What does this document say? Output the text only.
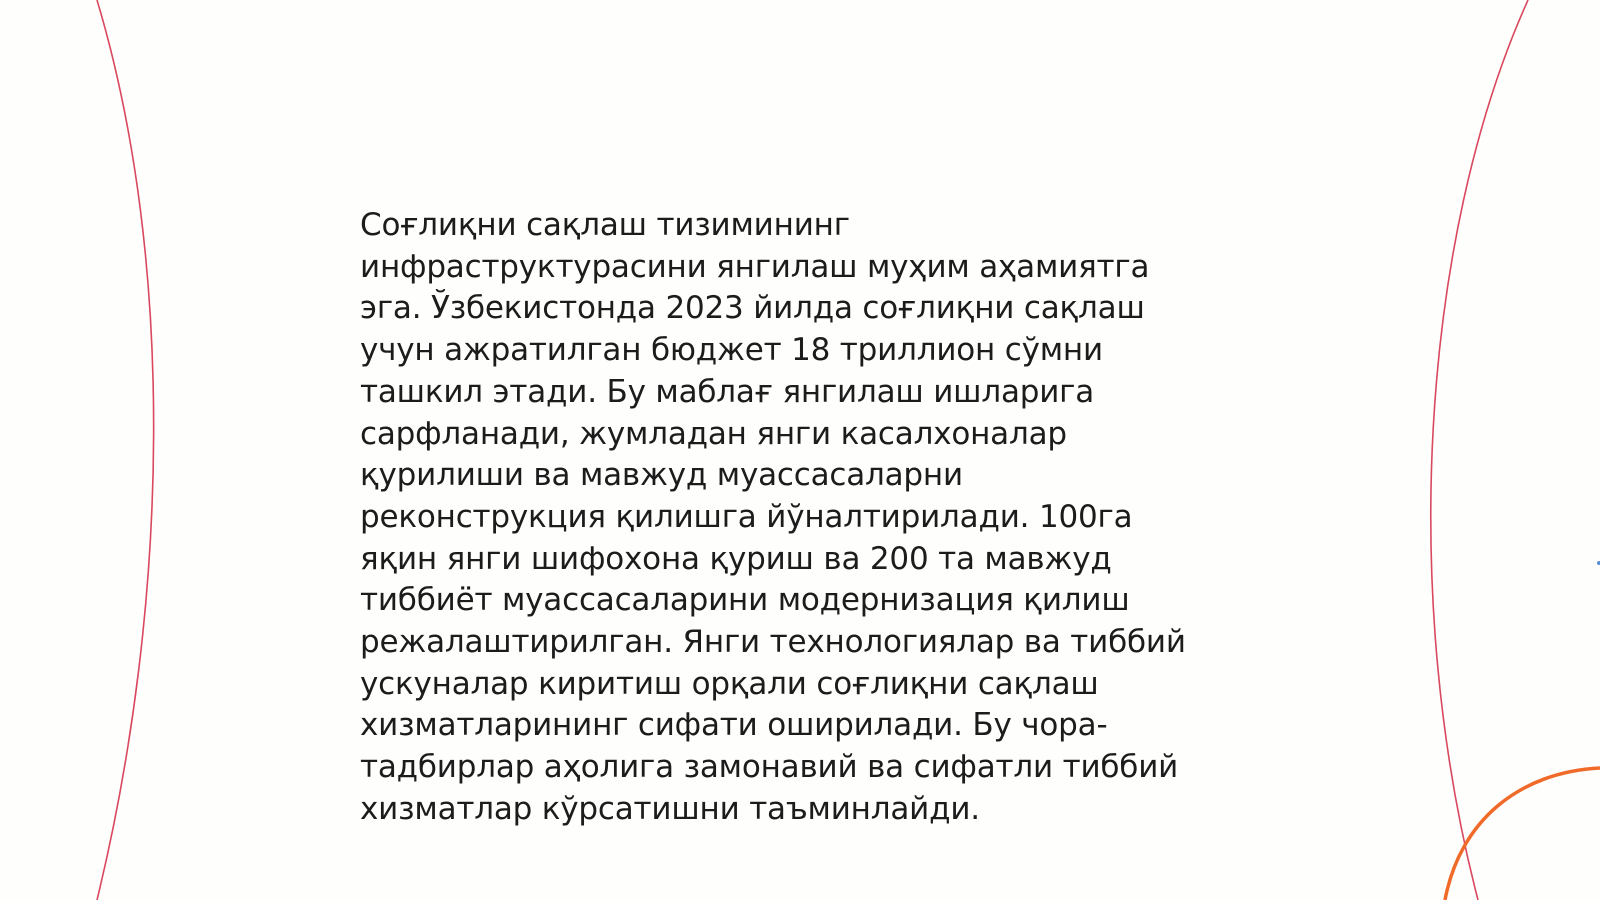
Соғлиқни сақлаш тизимининг
инфраструктурасини янгилаш муҳим аҳамиятга
эга. Ўзбекистонда 2023 йилда соғлиқни сақлаш
учун ажратилган бюджет 18 триллион сўмни
ташкил этади. Бу маблағ янгилаш ишларига
сарфланади, жумладан янги касалхоналар
қурилиши ва мавжуд муассасаларни
реконструкция қилишга йўналтирилади. 100га
яқин янги шифохона қуриш ва 200 та мавжуд
тиббиёт муассасаларини модернизация қилиш
режалаштирилган. Янги технологиялар ва тиббий
ускуналар киритиш орқали соғлиқни сақлаш
хизматларининг сифати оширилади. Бу чора-
тадбирлар аҳолига замонавий ва сифатли тиббий
хизматлар кўрсатишни таъминлайди.
